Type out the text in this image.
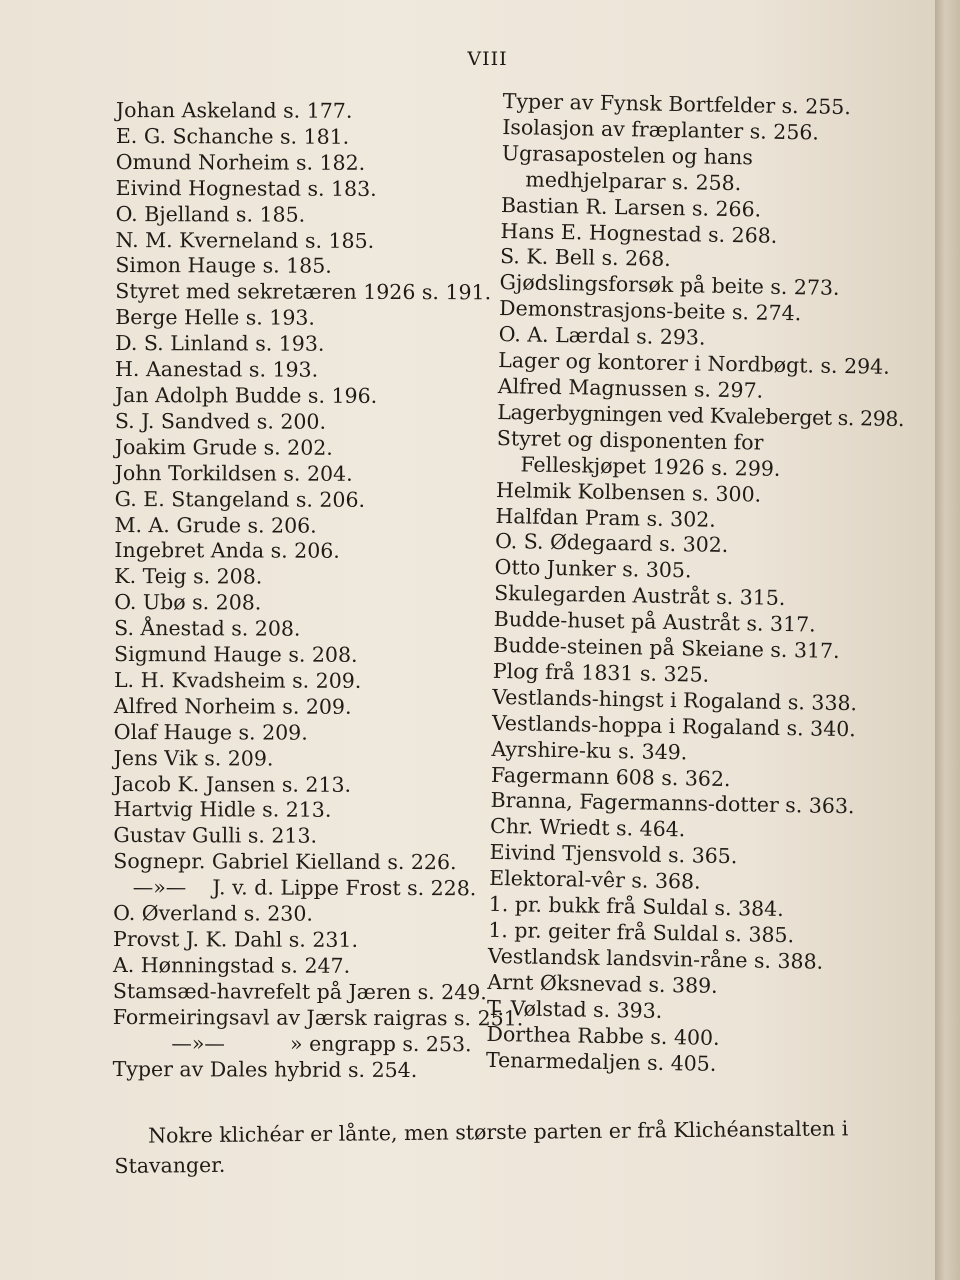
VIII
Johan Askeland s. 177.
E. G. Schanche s. 181.
Omund Norheim s. 182.
Eivind Hognestad s. 183.
O. Bjelland s. 185.
N. M. Kverneland s. 185.
Simon Hauge s. 185.
Styret med sekretæren 1926 s. 191.
Berge Helle s. 193.
D. S. Linland s. 193.
H. Aanestad s. 193.
Jan Adolph Budde s. 196.
S. J. Sandved s. 200.
Joakim Grude s. 202.
John Torkildsen s. 204.
G. E. Stangeland s. 206.
M. A. Grude s. 206.
Ingebret Anda s. 206.
K. Teig s. 208.
O. Ubø s. 208.
S. Ånestad s. 208.
Sigmund Hauge s. 208.
L. H. Kvadsheim s. 209.
Alfred Norheim s. 209.
Olaf Hauge s. 209.
Jens Vik s. 209.
Jacob K. Jansen s. 213.
Hartvig Hidle s. 213.
Gustav Gulli s. 213.
Sognepr. Gabriel Kielland s. 226.
—»—    J. v. d. Lippe Frost s. 228.
O. Øverland s. 230.
Provst J. K. Dahl s. 231.
A. Hønningstad s. 247.
Stamsæd-havrefelt på Jæren s. 249.
Formeiringsavl av Jærsk raigras s. 251.
—»—          » engrapp s. 253.
Typer av Dales hybrid s. 254.
Typer av Fynsk Bortfelder s. 255.
Isolasjon av fræplanter s. 256.
Ugrasapostelen og hans medhjelparar s. 258.
Bastian R. Larsen s. 266.
Hans E. Hognestad s. 268.
S. K. Bell s. 268.
Gjødslingsforsøk på beite s. 273.
Demonstrasjons-beite s. 274.
O. A. Lærdal s. 293.
Lager og kontorer i Nordbøgt. s. 294.
Alfred Magnussen s. 297.
Lagerbygningen ved Kvaleberget s. 298.
Styret og disponenten for Felleskjøpet 1926 s. 299.
Helmik Kolbensen s. 300.
Halfdan Pram s. 302.
O. S. Ødegaard s. 302.
Otto Junker s. 305.
Skulegarden Austråt s. 315.
Budde-huset på Austråt s. 317.
Budde-steinen på Skeiane s. 317.
Plog frå 1831 s. 325.
Vestlands-hingst i Rogaland s. 338.
Vestlands-hoppa i Rogaland s. 340.
Ayrshire-ku s. 349.
Fagermann 608 s. 362.
Branna, Fagermanns-dotter s. 363.
Chr. Wriedt s. 464.
Eivind Tjensvold s. 365.
Elektoral-vêr s. 368.
1. pr. bukk frå Suldal s. 384.
1. pr. geiter frå Suldal s. 385.
Vestlandsk landsvin-råne s. 388.
Arnt Øksnevad s. 389.
T. Vølstad s. 393.
Dorthea Rabbe s. 400.
Tenarmedaljen s. 405.

Nokre klichéar er lånte, men største parten er frå Klichéanstalten i Stavanger.
